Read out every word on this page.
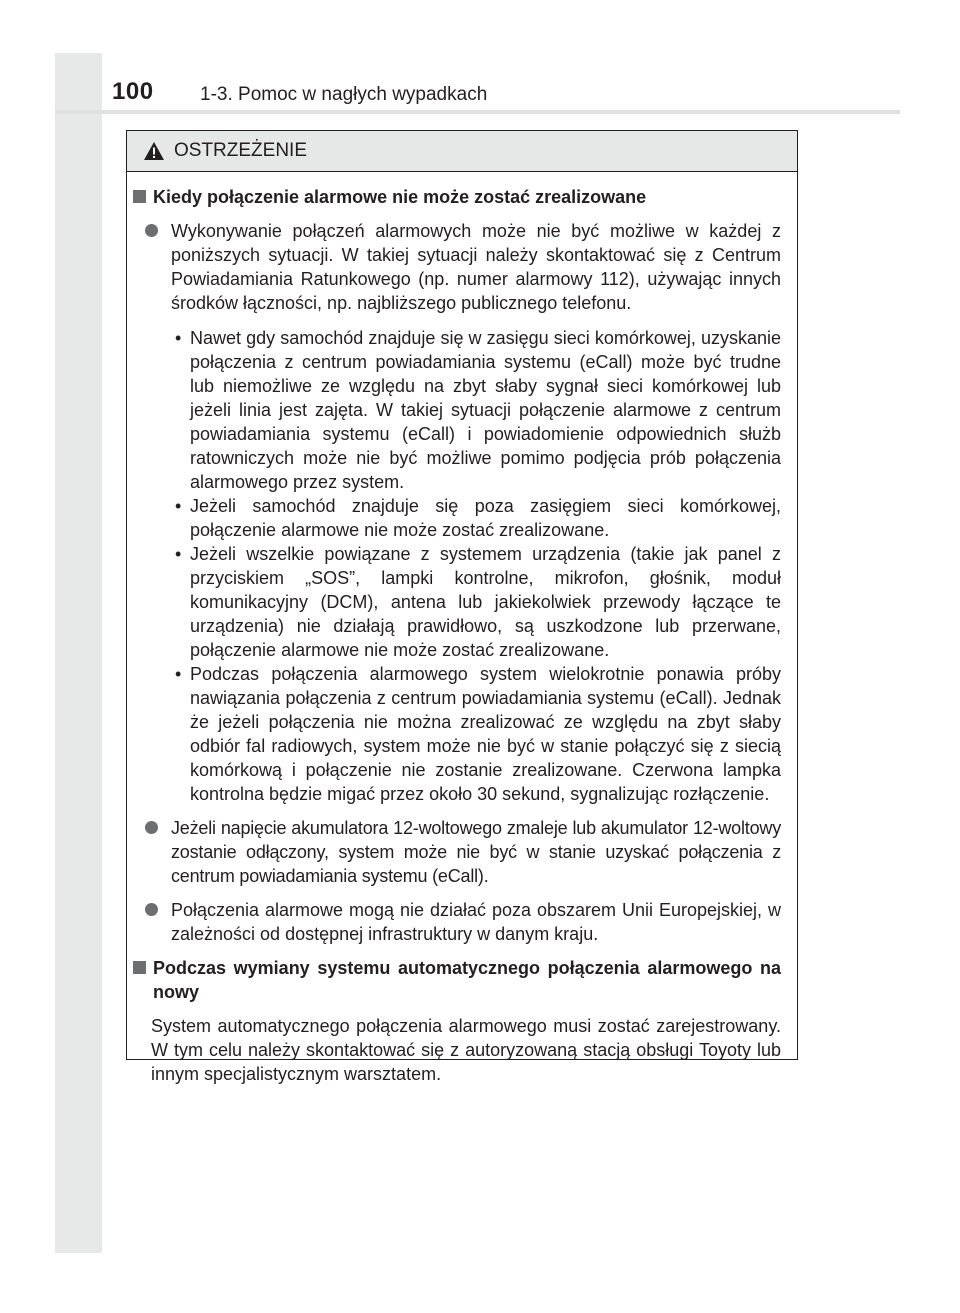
100 1-3. Pomoc w nagłych wypadkach
OSTRZEŻENIE
Kiedy połączenie alarmowe nie może zostać zrealizowane
Wykonywanie połączeń alarmowych może nie być możliwe w każdej z poniższych sytuacji. W takiej sytuacji należy skontaktować się z Centrum Powiadamiania Ratunkowego (np. numer alarmowy 112), używając innych środków łączności, np. najbliższego publicznego telefonu.
• Nawet gdy samochód znajduje się w zasięgu sieci komórkowej, uzyskanie połączenia z centrum powiadamiania systemu (eCall) może być trudne lub niemożliwe ze względu na zbyt słaby sygnał sieci komórkowej lub jeżeli linia jest zajęta. W takiej sytuacji połączenie alarmowe z centrum powiadamiania systemu (eCall) i powiadomienie odpowiednich służb ratowniczych może nie być możliwe pomimo podjęcia prób połączenia alarmowego przez system.
• Jeżeli samochód znajduje się poza zasięgiem sieci komórkowej, połączenie alarmowe nie może zostać zrealizowane.
• Jeżeli wszelkie powiązane z systemem urządzenia (takie jak panel z przyciskiem „SOS”, lampki kontrolne, mikrofon, głośnik, moduł komunikacyjny (DCM), antena lub jakiekolwiek przewody łączące te urządzenia) nie działają prawidłowo, są uszkodzone lub przerwane, połączenie alarmowe nie może zostać zrealizowane.
• Podczas połączenia alarmowego system wielokrotnie ponawia próby nawiązania połączenia z centrum powiadamiania systemu (eCall). Jednak że jeżeli połączenia nie można zrealizować ze względu na zbyt słaby odbiór fal radiowych, system może nie być w stanie połączyć się z siecią komórkową i połączenie nie zostanie zrealizowane. Czerwona lampka kontrolna będzie migać przez około 30 sekund, sygnalizując rozłączenie.
Jeżeli napięcie akumulatora 12-woltowego zmaleje lub akumulator 12-woltowy zostanie odłączony, system może nie być w stanie uzyskać połączenia z centrum powiadamiania systemu (eCall).
Połączenia alarmowe mogą nie działać poza obszarem Unii Europejskiej, w zależności od dostępnej infrastruktury w danym kraju.
Podczas wymiany systemu automatycznego połączenia alarmowego na nowy
System automatycznego połączenia alarmowego musi zostać zarejestrowany. W tym celu należy skontaktować się z autoryzowaną stacją obsługi Toyoty lub innym specjalistycznym warsztatem.
